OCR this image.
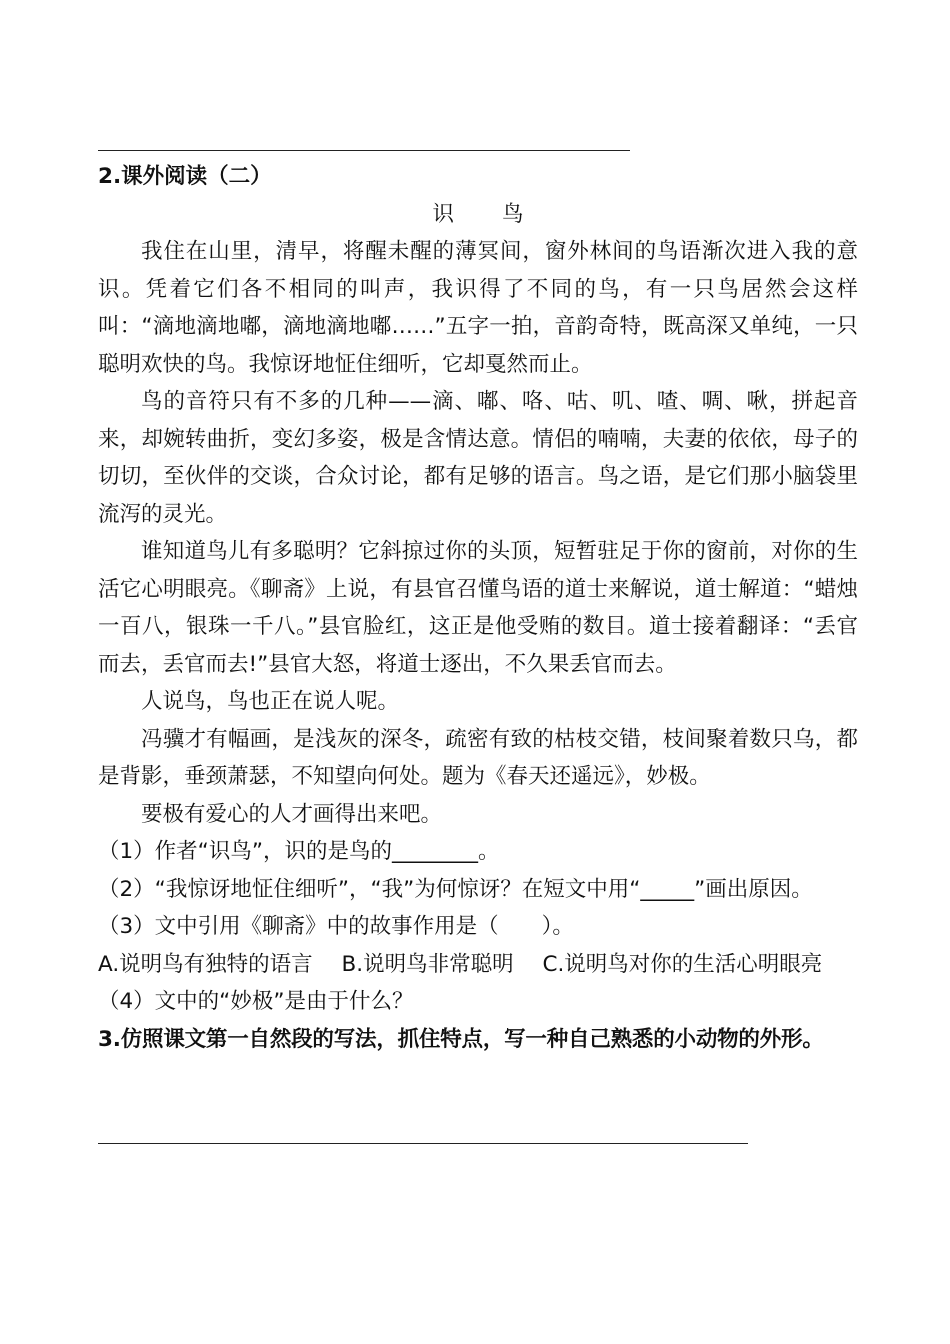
2.课外阅读（二）

识 鸟

我住在山里，清早，将醒未醒的薄冥间，窗外林间的鸟语渐次进入我的意识。凭着它们各不相同的叫声，我识得了不同的鸟，有一只鸟居然会这样叫：“滴地滴地嘟，滴地滴地嘟……”五字一拍，音韵奇特，既高深又单纯，一只聪明欢快的鸟。我惊讶地怔住细听，它却戛然而止。

鸟的音符只有不多的几种——滴、嘟、咯、咕、叽、喳、啁、啾，拼起音来，却婉转曲折，变幻多姿，极是含情达意。情侣的喃喃，夫妻的依依，母子的切切，至伙伴的交谈，合众讨论，都有足够的语言。鸟之语，是它们那小脑袋里流泻的灵光。

谁知道鸟儿有多聪明？它斜掠过你的头顶，短暂驻足于你的窗前，对你的生活它心明眼亮。《聊斋》上说，有县官召懂鸟语的道士来解说，道士解道：“蜡烛一百八，银珠一千八。”县官脸红，这正是他受贿的数目。道士接着翻译：“丢官而去，丢官而去!”县官大怒，将道士逐出，不久果丢官而去。

人说鸟，鸟也正在说人呢。

冯骥才有幅画，是浅灰的深冬，疏密有致的枯枝交错，枝间聚着数只乌，都是背影，垂颈萧瑟，不知望向何处。题为《春天还遥远》，妙极。

要极有爱心的人才画得出来吧。

（1）作者“识鸟”，识的是鸟的________。

（2）“我惊讶地怔住细听”，“我”为何惊讶？在短文中用“_____”画出原因。

（3）文中引用《聊斋》中的故事作用是（　　）。

A.说明鸟有独特的语言 B.说明鸟非常聪明 C.说明鸟对你的生活心明眼亮

（4）文中的“妙极”是由于什么？

3.仿照课文第一自然段的写法，抓住特点，写一种自己熟悉的小动物的外形。
